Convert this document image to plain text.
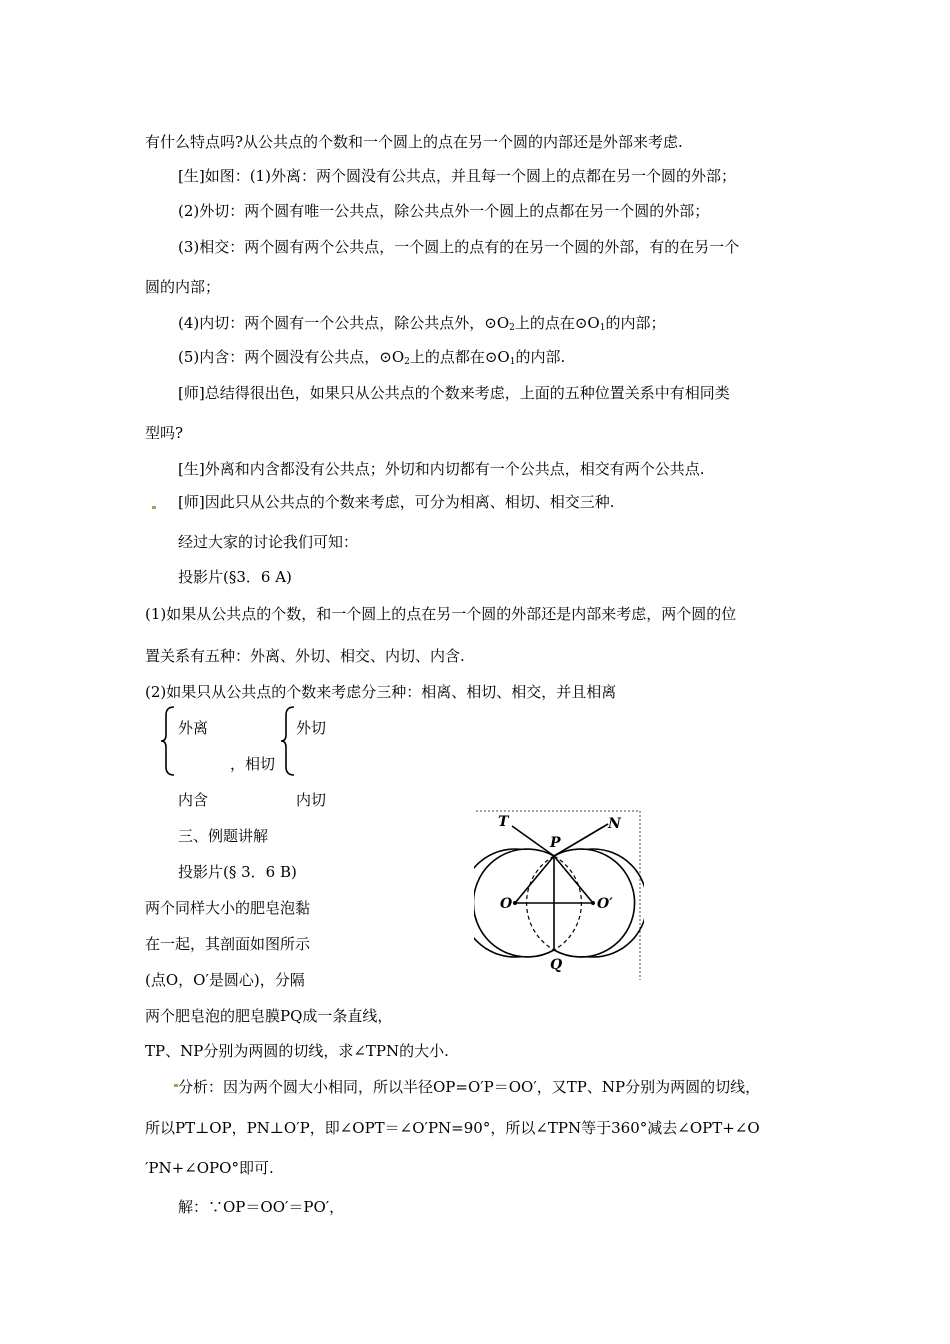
有什么特点吗?从公共点的个数和一个圆上的点在另一个圆的内部还是外部来考虑.
[生]如图：(1)外离：两个圆没有公共点，并且每一个圆上的点都在另一个圆的外部；
(2)外切：两个圆有唯一公共点，除公共点外一个圆上的点都在另一个圆的外部；
(3)相交：两个圆有两个公共点，一个圆上的点有的在另一个圆的外部，有的在另一个
圆的内部；
(4)内切：两个圆有一个公共点，除公共点外，$⊙O_2$上的点在$⊙O_1$的内部；
(5)内含：两个圆没有公共点，$⊙O_2$上的点都在$⊙O_1$的内部.
[师]总结得很出色，如果只从公共点的个数来考虑，上面的五种位置关系中有相同类
型吗?
[生]外离和内含都没有公共点；外切和内切都有一个公共点，相交有两个公共点.
[师]因此只从公共点的个数来考虑，可分为相离、相切、相交三种.
经过大家的讨论我们可知：
投影片(§3．6 A)
(1)如果从公共点的个数，和一个圆上的点在另一个圆的外部还是内部来考虑，两个圆的位
置关系有五种：外离、外切、相交、内切、内含.
(2)如果只从公共点的个数来考虑分三种：相离、相切、相交，并且相离
外离
，相切
外切
内含	内切
三、例题讲解
投影片(§ 3．6 B)
两个同样大小的肥皂泡黏
在一起，其剖面如图所示
(点O，O′是圆心)，分隔
两个肥皂泡的肥皂膜PQ成一条直线，
TP、NP分别为两圆的切线，求∠TPN的大小.
分析：因为两个圆大小相同，所以半径OP=O′P＝OO′，又TP、NP分别为两圆的切线，
所以PT⊥OP，PN⊥O′P，即∠OPT＝∠O′PN=90°，所以∠TPN等于360°减去∠OPT+∠O
′PN+∠OPO°即可.
解：∵OP＝OO′＝PO′，
T
P
N
O	O′
Q
